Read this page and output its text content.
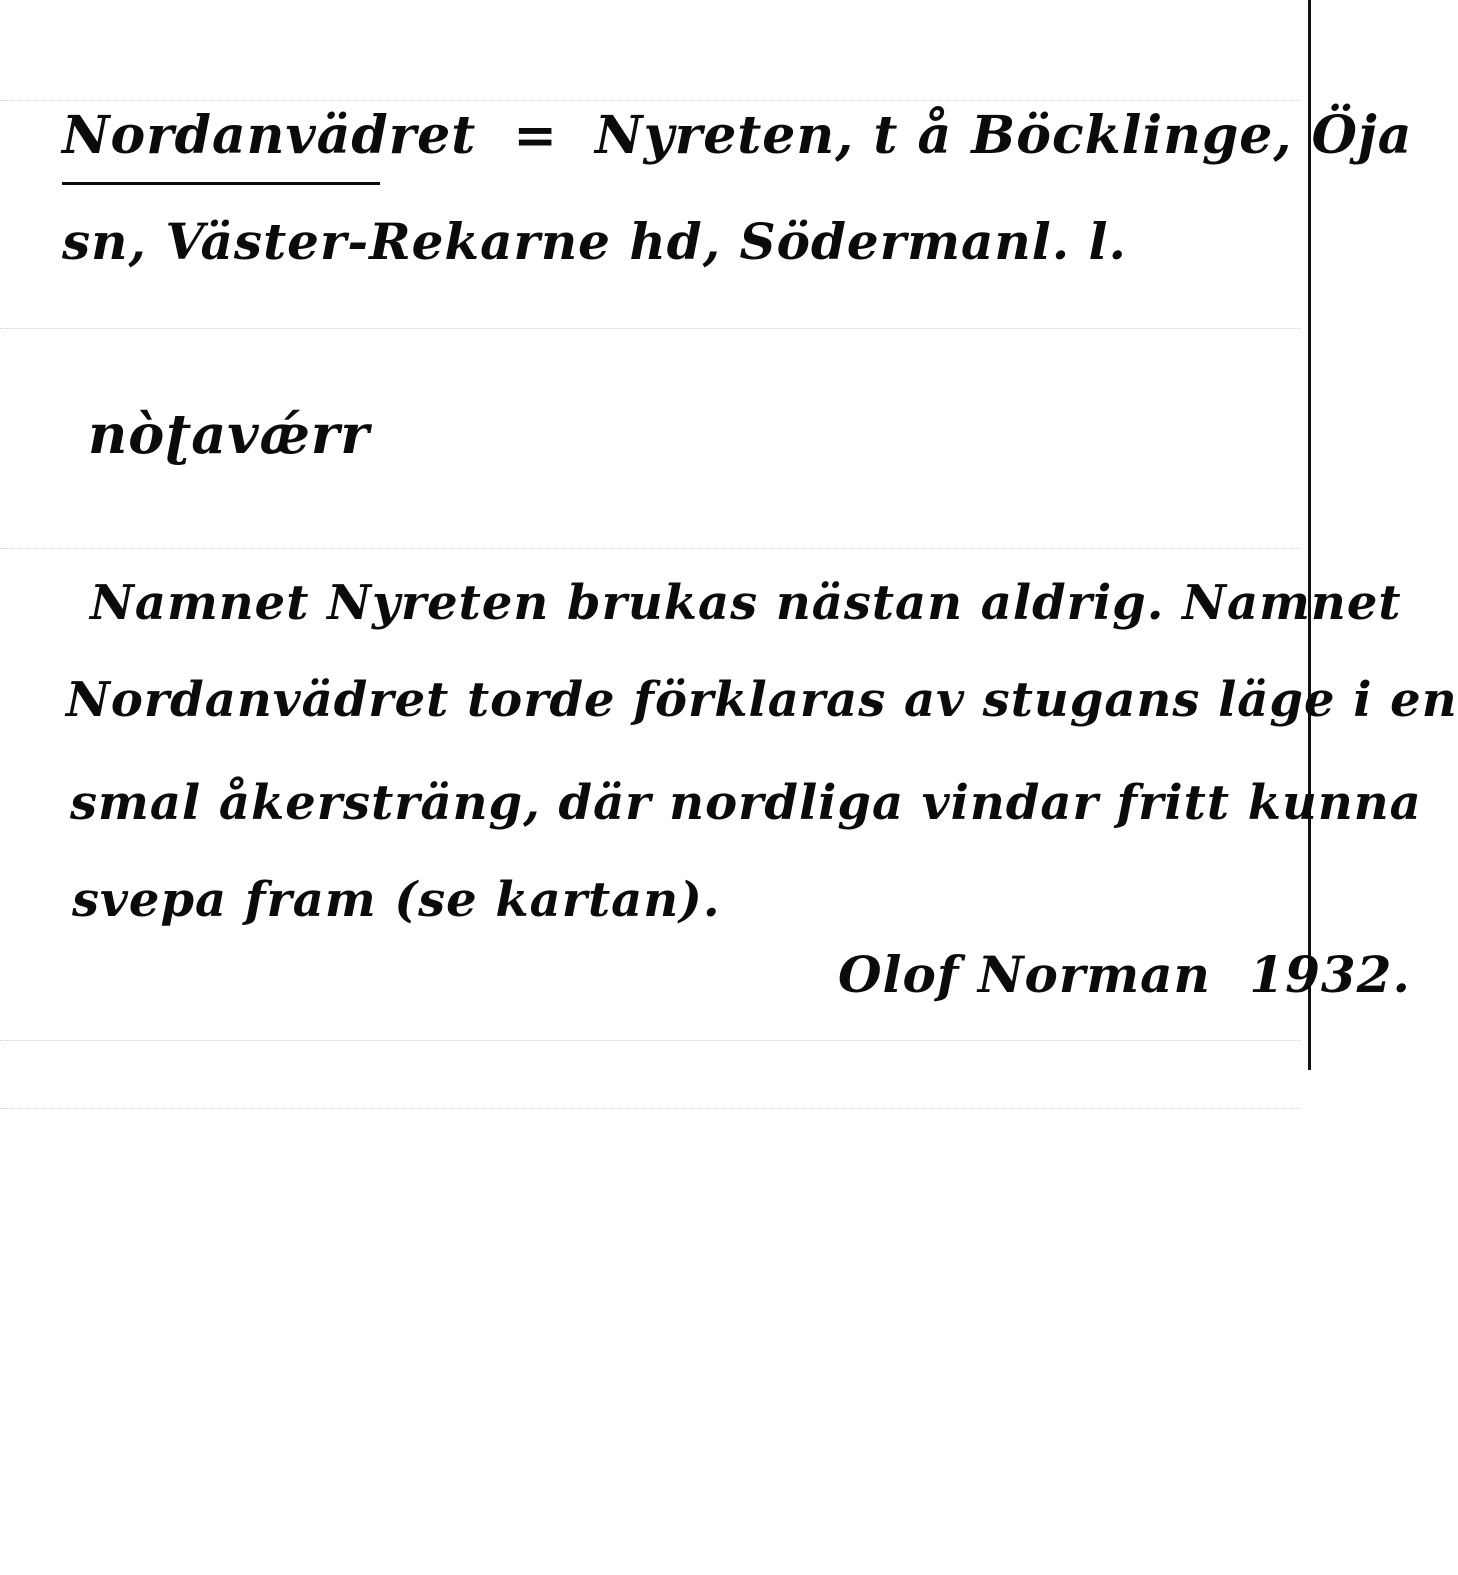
Nordanvädret = Nyreten, t å Böcklinge, Öja
sn, Väster-Rekarne hd, Södermanl. l.
nòʈavǽrr
Namnet Nyreten brukas nästan aldrig. Namnet
Nordanvädret torde förklaras av stugans läge i en
smal åkersträng, där nordliga vindar fritt kunna
svepa fram (se kartan).
Olof Norman 1932.
